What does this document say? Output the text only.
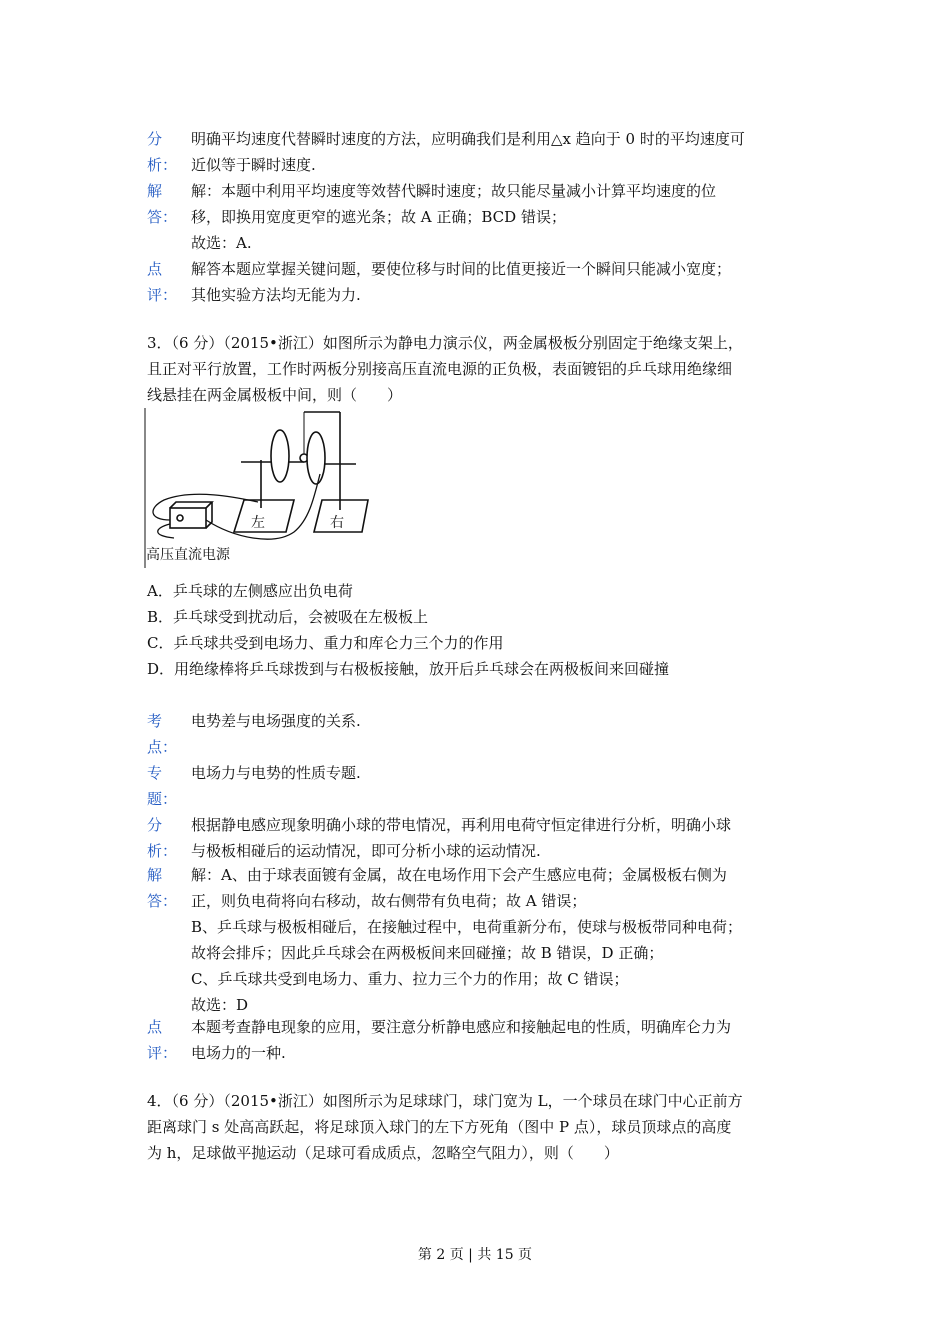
分
析：
明确平均速度代替瞬时速度的方法，应明确我们是利用△x 趋向于 0 时的平均速度可
近似等于瞬时速度.
解
答：
解：本题中利用平均速度等效替代瞬时速度；故只能尽量减小计算平均速度的位
移，即换用宽度更窄的遮光条；故 A 正确；BCD 错误；
故选：A.
点
评：
解答本题应掌握关键问题，要使位移与时间的比值更接近一个瞬间只能减小宽度；
其他实验方法均无能为力.
3．（6 分）（2015•浙江）如图所示为静电力演示仪，两金属极板分别固定于绝缘支架上，
且正对平行放置，工作时两板分别接高压直流电源的正负极，表面镀铝的乒乓球用绝缘细
线悬挂在两金属极板中间，则（　　）
左	右
高压直流电源
A．乒乓球的左侧感应出负电荷
B．乒乓球受到扰动后，会被吸在左极板上
C．乒乓球共受到电场力、重力和库仑力三个力的作用
D．用绝缘棒将乒乓球拨到与右极板接触，放开后乒乓球会在两极板间来回碰撞
考
点：
电势差与电场强度的关系.
专
题：
电场力与电势的性质专题.
分
析：
根据静电感应现象明确小球的带电情况，再利用电荷守恒定律进行分析，明确小球
与极板相碰后的运动情况，即可分析小球的运动情况.
解
答：
解：A、由于球表面镀有金属，故在电场作用下会产生感应电荷；金属极板右侧为
正，则负电荷将向右移动，故右侧带有负电荷；故 A 错误；
B、乒乓球与极板相碰后，在接触过程中，电荷重新分布，使球与极板带同种电荷；
故将会排斥；因此乒乓球会在两极板间来回碰撞；故 B 错误，D 正确；
C、乒乓球共受到电场力、重力、拉力三个力的作用；故 C 错误；
故选：D
点
评：
本题考查静电现象的应用，要注意分析静电感应和接触起电的性质，明确库仑力为
电场力的一种.
4．（6 分）（2015•浙江）如图所示为足球球门，球门宽为 L，一个球员在球门中心正前方
距离球门 s 处高高跃起，将足球顶入球门的左下方死角（图中 P 点），球员顶球点的高度
为 h，足球做平抛运动（足球可看成质点，忽略空气阻力），则（　　）
第 2 页 | 共 15 页
